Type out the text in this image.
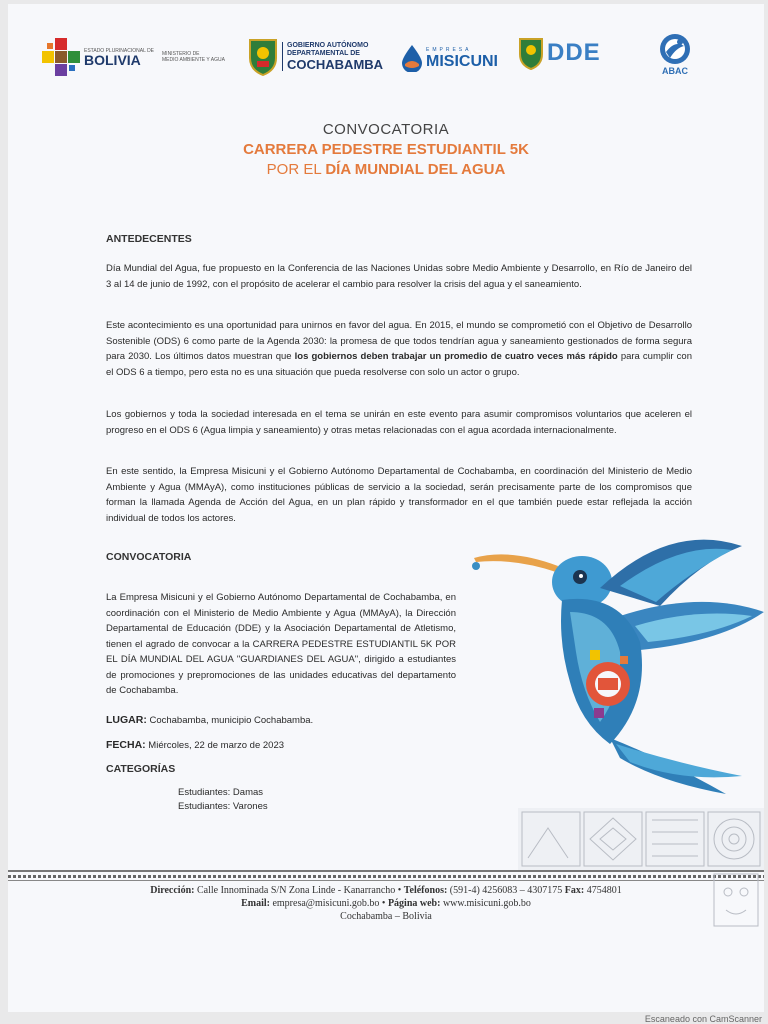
ESTADO PLURINACIONAL DE
BOLIVIA	MINISTERIO DE
MEDIO AMBIENTE Y AGUA
GOBIERNO AUTÓNOMO
DEPARTAMENTAL DE
COCHABAMBA
EMPRESA
MISICUNI DDE
ABAC
CONVOCATORIA
CARRERA PEDESTRE ESTUDIANTIL 5K
POR EL DÍA MUNDIAL DEL AGUA
ANTEDECENTES
Día Mundial del Agua, fue propuesto en la Conferencia de las Naciones Unidas sobre Medio Ambiente y Desarrollo, en Río de Janeiro del 3 al 14 de junio de 1992, con el propósito de acelerar el cambio para resolver la crisis del agua y el saneamiento.
Este acontecimiento es una oportunidad para unirnos en favor del agua. En 2015, el mundo se comprometió con el Objetivo de Desarrollo Sostenible (ODS) 6 como parte de la Agenda 2030: la promesa de que todos tendrían agua y saneamiento gestionados de forma segura para 2030. Los últimos datos muestran que los gobiernos deben trabajar un promedio de cuatro veces más rápido para cumplir con el ODS 6 a tiempo, pero esta no es una situación que pueda resolverse con solo un actor o grupo.
Los gobiernos y toda la sociedad interesada en el tema se unirán en este evento para asumir compromisos voluntarios que aceleren el progreso en el ODS 6 (Agua limpia y saneamiento) y otras metas relacionadas con el agua acordada internacionalmente.
En este sentido, la Empresa Misicuni y el Gobierno Autónomo Departamental de Cochabamba, en coordinación del Ministerio de Medio Ambiente y Agua (MMAyA), como instituciones públicas de servicio a la sociedad, serán precisamente parte de los compromisos que forman la llamada Agenda de Acción del Agua, en un plan rápido y transformador en el que también puede estar reflejada la acción individual de todos los actores.
CONVOCATORIA
La Empresa Misicuni y el Gobierno Autónomo Departamental de Cochabamba, en coordinación con el Ministerio de Medio Ambiente y Agua (MMAyA), la Dirección Departamental de Educación (DDE) y la Asociación Departamental de Atletismo, tienen el agrado de convocar a la CARRERA PEDESTRE ESTUDIANTIL 5K POR EL DÍA MUNDIAL DEL AGUA "GUARDIANES DEL AGUA", dirigido a estudiantes de promociones y prepromociones de las unidades educativas del departamento de Cochabamba.
LUGAR: Cochabamba, municipio Cochabamba.
FECHA: Miércoles, 22 de marzo de 2023
CATEGORÍAS
Estudiantes: Damas
Estudiantes: Varones
Dirección: Calle Innominada S/N Zona Linde - Kanarrancho • Teléfonos: (591-4) 4256083 – 4307175 Fax: 4754801
Email: empresa@misicuni.gob.bo • Página web: www.misicuni.gob.bo
Cochabamba – Bolivia
Escaneado con CamScanner
